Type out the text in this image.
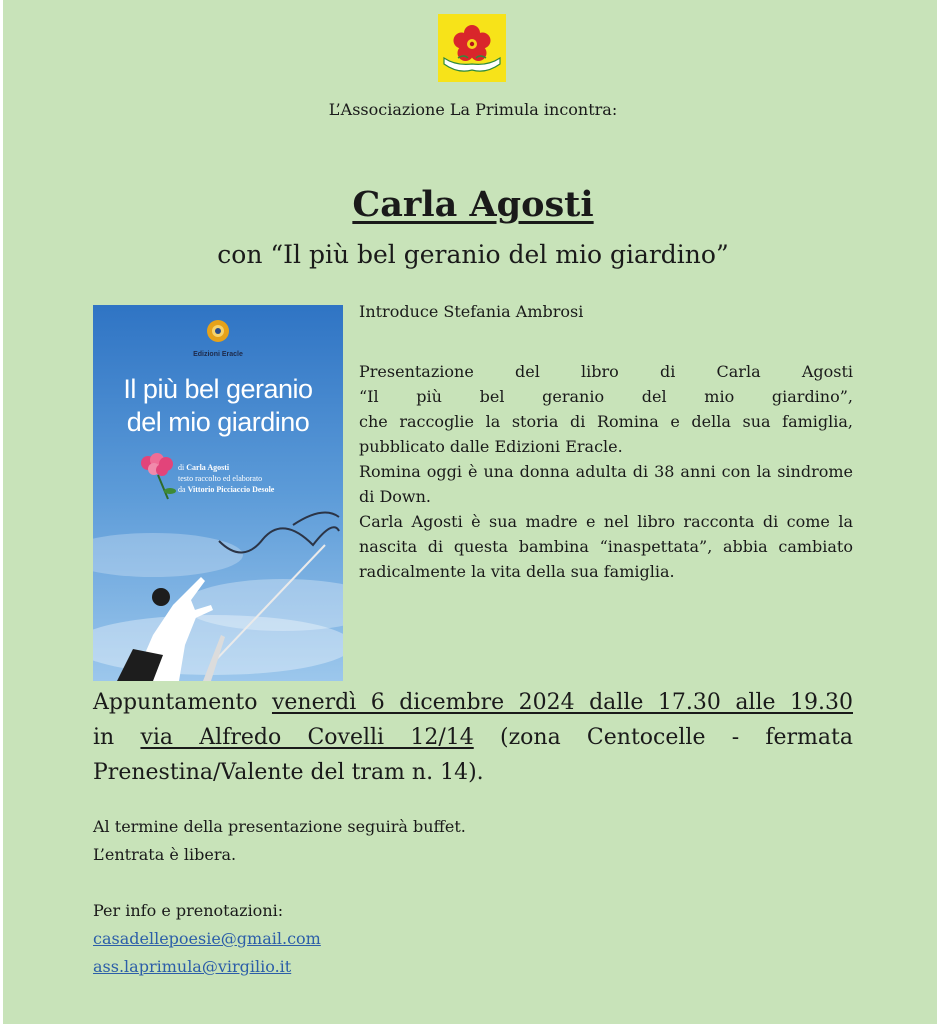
L’Associazione La Primula incontra:
Carla Agosti
con “Il più bel geranio del mio giardino”
Edizioni Eracle
Il più bel geranio
del mio giardino
di Carla Agosti
testo raccolto ed elaborato
da Vittorio Picciaccio Desole
Introduce Stefania Ambrosi

Presentazione del libro di Carla Agosti

“Il più bel geranio del mio giardino”,

che raccoglie la storia di Romina e della sua famiglia,

pubblicato dalle Edizioni Eracle.

Romina oggi è una donna adulta di 38 anni con la sindrome di Down.

Carla Agosti è sua madre e nel libro racconta di come la nascita di questa bambina “inaspettata”, abbia cambiato radicalmente la vita della sua famiglia.

Appuntamento venerdì 6 dicembre 2024 dalle 17.30 alle 19.30
in via Alfredo Covelli 12/14 (zona Centocelle - fermata
Prenestina/Valente del tram n. 14).
Al termine della presentazione seguirà buffet.
L’entrata è libera.
Per info e prenotazioni:
casadellepoesie@gmail.com
ass.laprimula@virgilio.it
